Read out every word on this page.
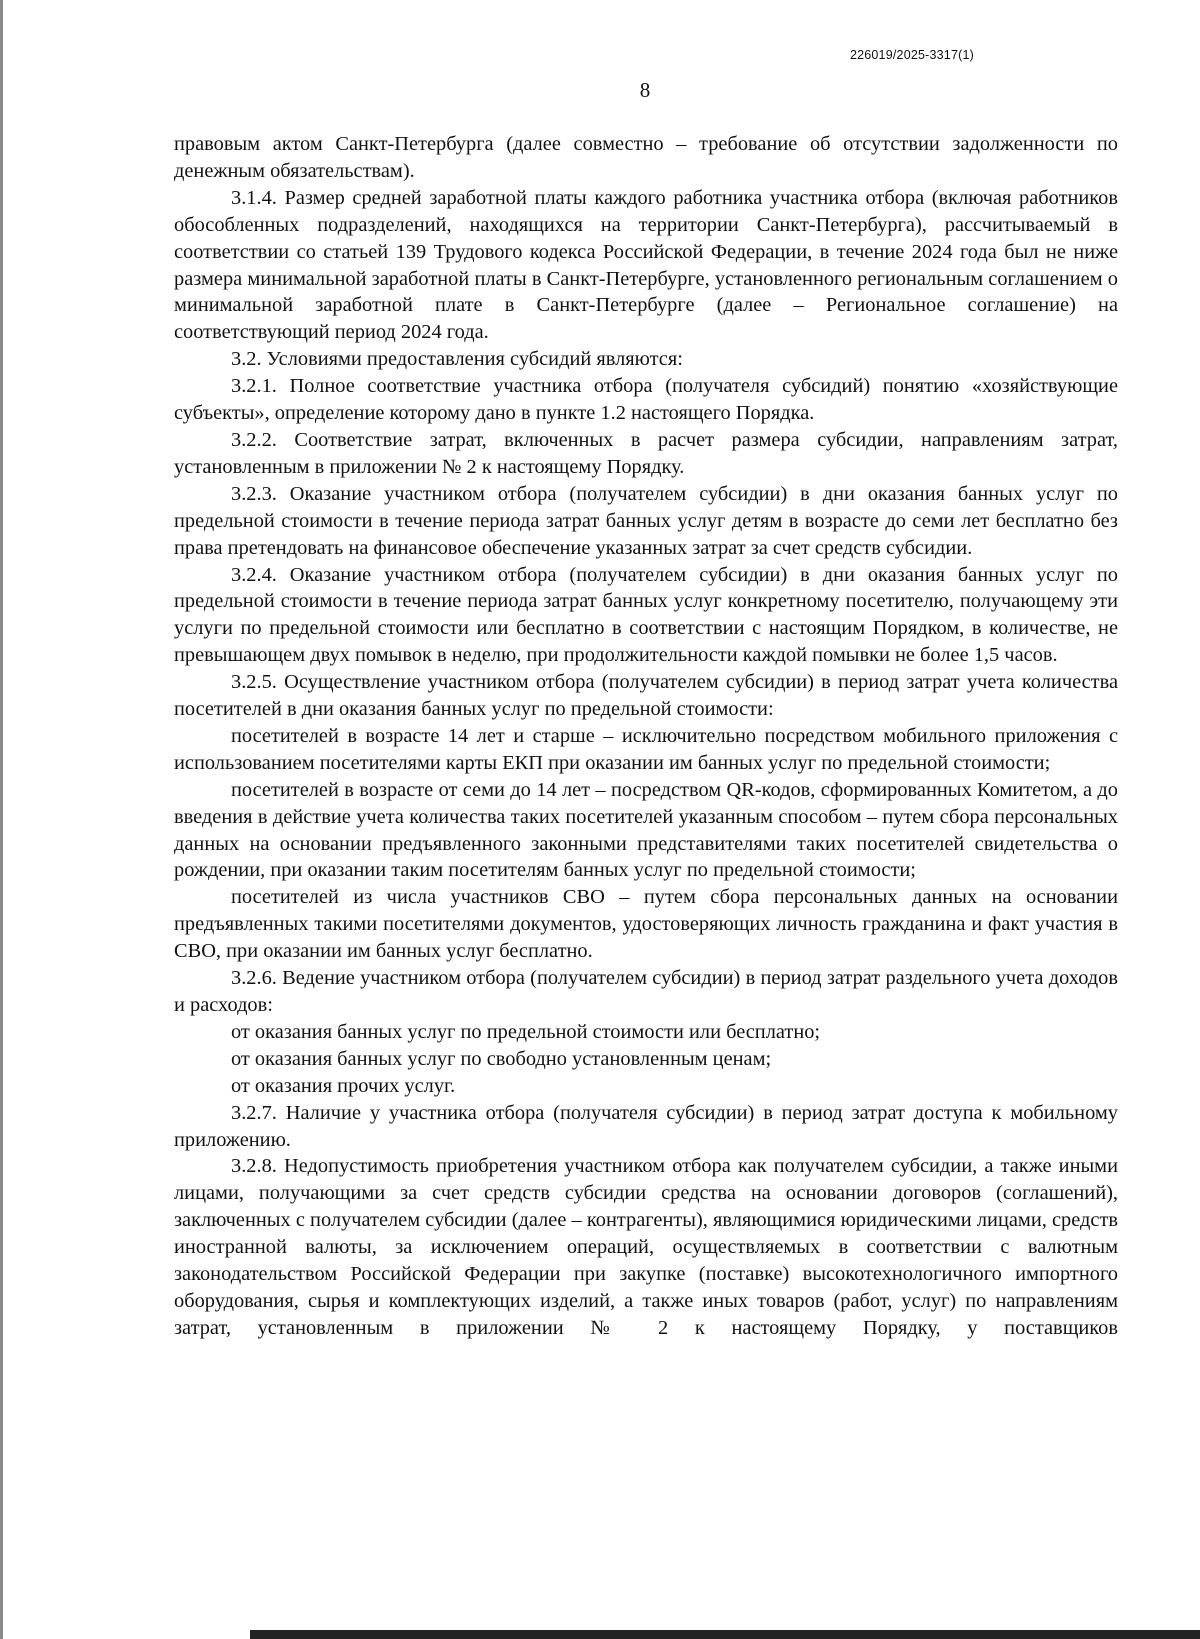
226019/2025-3317(1)
8

правовым актом Санкт-Петербурга (далее совместно – требование об отсутствии задолженности по денежным обязательствам).

3.1.4. Размер средней заработной платы каждого работника участника отбора (включая работников обособленных подразделений, находящихся на территории Санкт-Петербурга), рассчитываемый в соответствии со статьей 139 Трудового кодекса Российской Федерации, в течение 2024 года был не ниже размера минимальной заработной платы в Санкт-Петербурге, установленного региональным соглашением о минимальной заработной плате в Санкт-Петербурге (далее – Региональное соглашение) на соответствующий период 2024 года.

3.2. Условиями предоставления субсидий являются:

3.2.1. Полное соответствие участника отбора (получателя субсидий) понятию «хозяйствующие субъекты», определение которому дано в пункте 1.2 настоящего Порядка.

3.2.2. Соответствие затрат, включенных в расчет размера субсидии, направлениям затрат, установленным в приложении № 2 к настоящему Порядку.

3.2.3. Оказание участником отбора (получателем субсидии) в дни оказания банных услуг по предельной стоимости в течение периода затрат банных услуг детям в возрасте до семи лет бесплатно без права претендовать на финансовое обеспечение указанных затрат за счет средств субсидии.

3.2.4. Оказание участником отбора (получателем субсидии) в дни оказания банных услуг по предельной стоимости в течение периода затрат банных услуг конкретному посетителю, получающему эти услуги по предельной стоимости или бесплатно в соответствии с настоящим Порядком, в количестве, не превышающем двух помывок в неделю, при продолжительности каждой помывки не более 1,5 часов.

3.2.5. Осуществление участником отбора (получателем субсидии) в период затрат учета количества посетителей в дни оказания банных услуг по предельной стоимости:

посетителей в возрасте 14 лет и старше – исключительно посредством мобильного приложения с использованием посетителями карты ЕКП при оказании им банных услуг по предельной стоимости;

посетителей в возрасте от семи до 14 лет – посредством QR-кодов, сформированных Комитетом, а до введения в действие учета количества таких посетителей указанным способом – путем сбора персональных данных на основании предъявленного законными представителями таких посетителей свидетельства о рождении, при оказании таким посетителям банных услуг по предельной стоимости;

посетителей из числа участников СВО – путем сбора персональных данных на основании предъявленных такими посетителями документов, удостоверяющих личность гражданина и факт участия в СВО, при оказании им банных услуг бесплатно.

3.2.6. Ведение участником отбора (получателем субсидии) в период затрат раздельного учета доходов и расходов:

от оказания банных услуг по предельной стоимости или бесплатно;

от оказания банных услуг по свободно установленным ценам;

от оказания прочих услуг.

3.2.7. Наличие у участника отбора (получателя субсидии) в период затрат доступа к мобильному приложению.

3.2.8. Недопустимость приобретения участником отбора как получателем субсидии, а также иными лицами, получающими за счет средств субсидии средства на основании договоров (соглашений), заключенных с получателем субсидии (далее – контрагенты), являющимися юридическими лицами, средств иностранной валюты, за исключением операций, осуществляемых в соответствии с валютным законодательством Российской Федерации при закупке (поставке) высокотехнологичного импортного оборудования, сырья и комплектующих изделий, а также иных товаров (работ, услуг) по направлениям затрат, установленным в приложении № 2 к настоящему Порядку, у поставщиков
